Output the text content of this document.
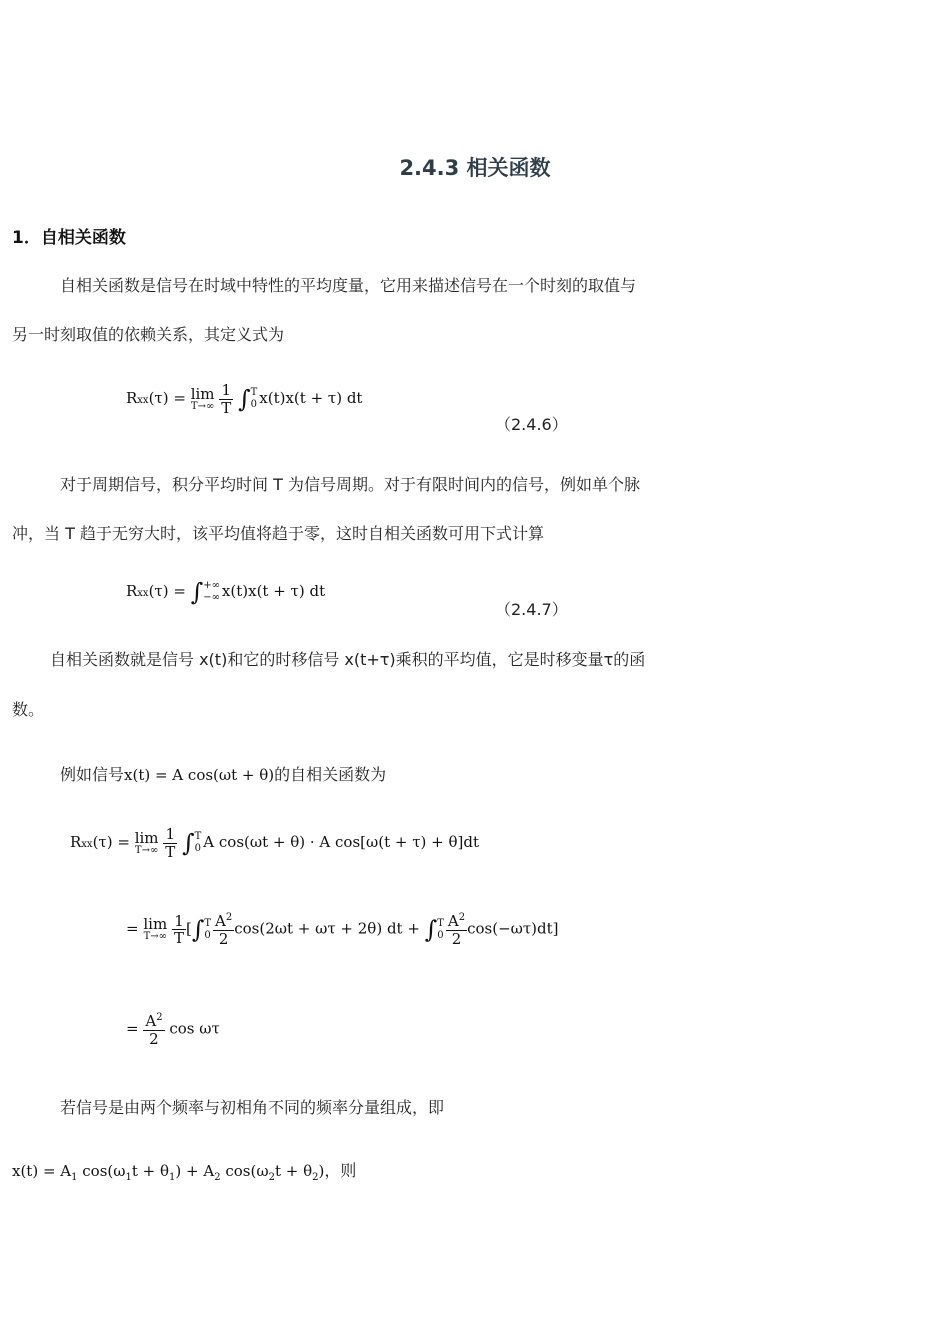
2.4.3 相关函数
1．自相关函数
自相关函数是信号在时域中特性的平均度量，它用来描述信号在一个时刻的取值与
另一时刻取值的依赖关系，其定义式为
Rxx(τ) = lim
T→∞
$\frac{1}{T}$ ∫ T
0 x(t)x(t + τ) dt
（2.4.6）
对于周期信号，积分平均时间 T 为信号周期。对于有限时间内的信号，例如单个脉
冲，当 T 趋于无穷大时，该平均值将趋于零，这时自相关函数可用下式计算
Rxx(τ) = ∫ +∞
−∞ x(t)x(t + τ) dt
（2.4.7）
自相关函数就是信号 x(t)和它的时移信号 x(t+τ)乘积的平均值，它是时移变量τ的函
数。
例如信号x(t) = A cos(ωt + θ)的自相关函数为
Rxx(τ) = lim
T→∞
$\frac{1}{T}$ ∫ T
0 A cos(ωt + θ) · A cos[ω(t + τ) + θ]dt
= lim
T→∞
$\frac{1}{T}$ [∫ T
$0 \frac{A^2}{2} \cos(2\omega t + \omega\tau + 2\theta)$ dt + ∫ T
$0 \frac{A^2}{2} \cos(-\omega\tau)dt$]
= $\frac{A^2}{2}$ cos ωτ
若信号是由两个频率与初相角不同的频率分量组成，即
$x(t) = A_1$ $\cos(\omega_1t + \theta_1) + A_2$ $\cos(\omega_2t + \theta_2)$，则
